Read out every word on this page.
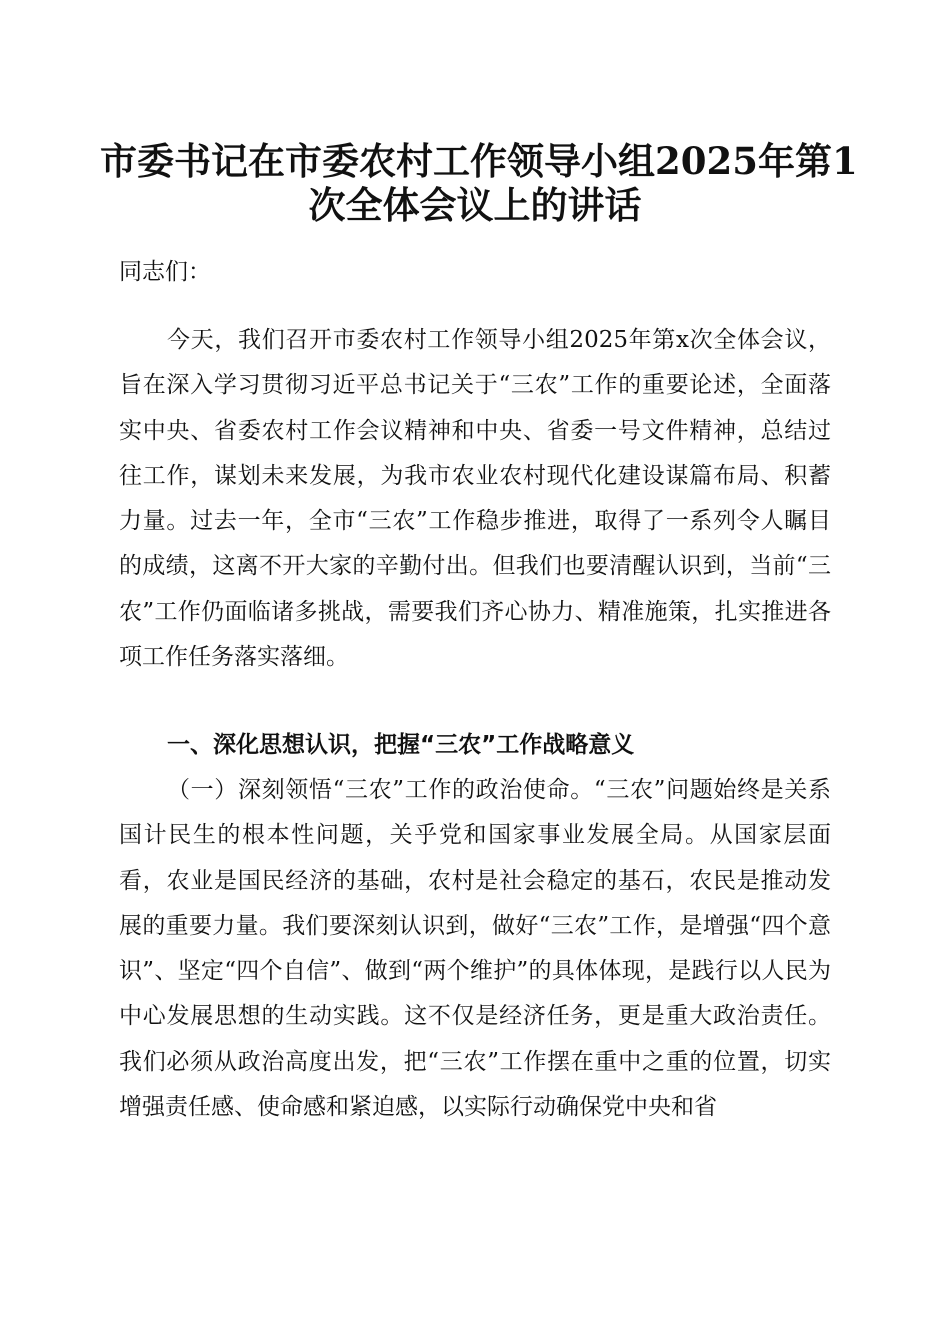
市委书记在市委农村工作领导小组2025年第1
次全体会议上的讲话
同志们：
今天，我们召开市委农村工作领导小组2025年第x次全体会议，旨在深入学习贯彻习近平总书记关于“三农”工作的重要论述，全面落实中央、省委农村工作会议精神和中央、省委一号文件精神，总结过往工作，谋划未来发展，为我市农业农村现代化建设谋篇布局、积蓄力量。过去一年，全市“三农”工作稳步推进，取得了一系列令人瞩目的成绩，这离不开大家的辛勤付出。但我们也要清醒认识到，当前“三农”工作仍面临诸多挑战，需要我们齐心协力、精准施策，扎实推进各项工作任务落实落细。
一、深化思想认识，把握“三农”工作战略意义
（一）深刻领悟“三农”工作的政治使命。“三农”问题始终是关系国计民生的根本性问题，关乎党和国家事业发展全局。从国家层面看，农业是国民经济的基础，农村是社会稳定的基石，农民是推动发展的重要力量。我们要深刻认识到，做好“三农”工作，是增强“四个意识”、坚定“四个自信”、做到“两个维护”的具体体现，是践行以人民为中心发展思想的生动实践。这不仅是经济任务，更是重大政治责任。我们必须从政治高度出发，把“三农”工作摆在重中之重的位置，切实增强责任感、使命感和紧迫感，以实际行动确保党中央和省
